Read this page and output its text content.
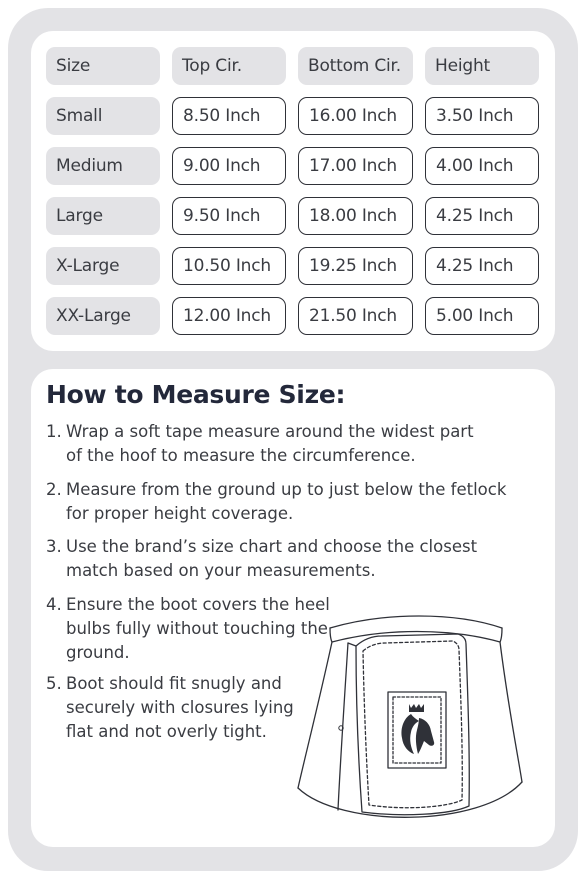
Size	Top Cir.	Bottom Cir.	Height
Small	8.50 Inch	16.00 Inch	3.50 Inch
Medium	9.00 Inch	17.00 Inch	4.00 Inch
Large	9.50 Inch	18.00 Inch	4.25 Inch
X-Large	10.50 Inch	19.25 Inch	4.25 Inch
XX-Large	12.00 Inch	21.50 Inch	5.00 Inch
How to Measure Size:
1. Wrap a soft tape measure around the widest part
of the hoof to measure the circumference.
2. Measure from the ground up to just below the fetlock
for proper height coverage.
3. Use the brand’s size chart and choose the closest
match based on your measurements.
4. Ensure the boot covers the heel
bulbs fully without touching the
ground.
5. Boot should fit snugly and
securely with closures lying
flat and not overly tight.
